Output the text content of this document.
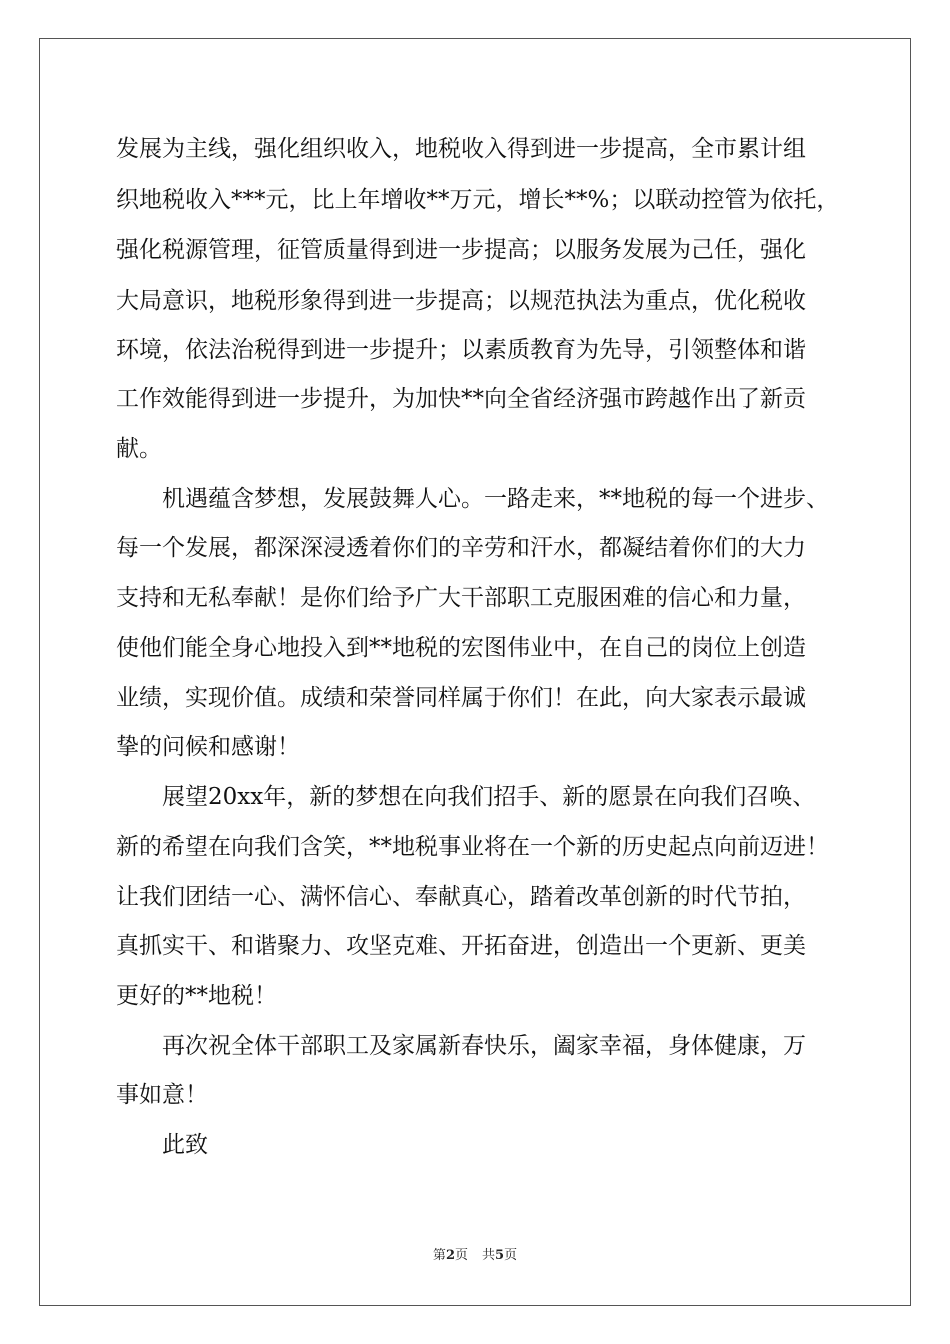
发展为主线，强化组织收入，地税收入得到进一步提高，全市累计组
织地税收入***元，比上年增收**万元，增长**%；以联动控管为依托，
强化税源管理，征管质量得到进一步提高；以服务发展为己任，强化
大局意识，地税形象得到进一步提高；以规范执法为重点，优化税收
环境，依法治税得到进一步提升；以素质教育为先导，引领整体和谐
工作效能得到进一步提升，为加快**向全省经济强市跨越作出了新贡
献。
　　机遇蕴含梦想，发展鼓舞人心。一路走来，**地税的每一个进步、
每一个发展，都深深浸透着你们的辛劳和汗水，都凝结着你们的大力
支持和无私奉献！是你们给予广大干部职工克服困难的信心和力量，
使他们能全身心地投入到**地税的宏图伟业中，在自己的岗位上创造
业绩，实现价值。成绩和荣誉同样属于你们！在此，向大家表示最诚
挚的问候和感谢！
　　展望20xx年，新的梦想在向我们招手、新的愿景在向我们召唤、
新的希望在向我们含笑，**地税事业将在一个新的历史起点向前迈进！
让我们团结一心、满怀信心、奉献真心，踏着改革创新的时代节拍，
真抓实干、和谐聚力、攻坚克难、开拓奋进，创造出一个更新、更美
更好的**地税！
　　再次祝全体干部职工及家属新春快乐，阖家幸福，身体健康，万
事如意！
　　此致
第2页 共5页
